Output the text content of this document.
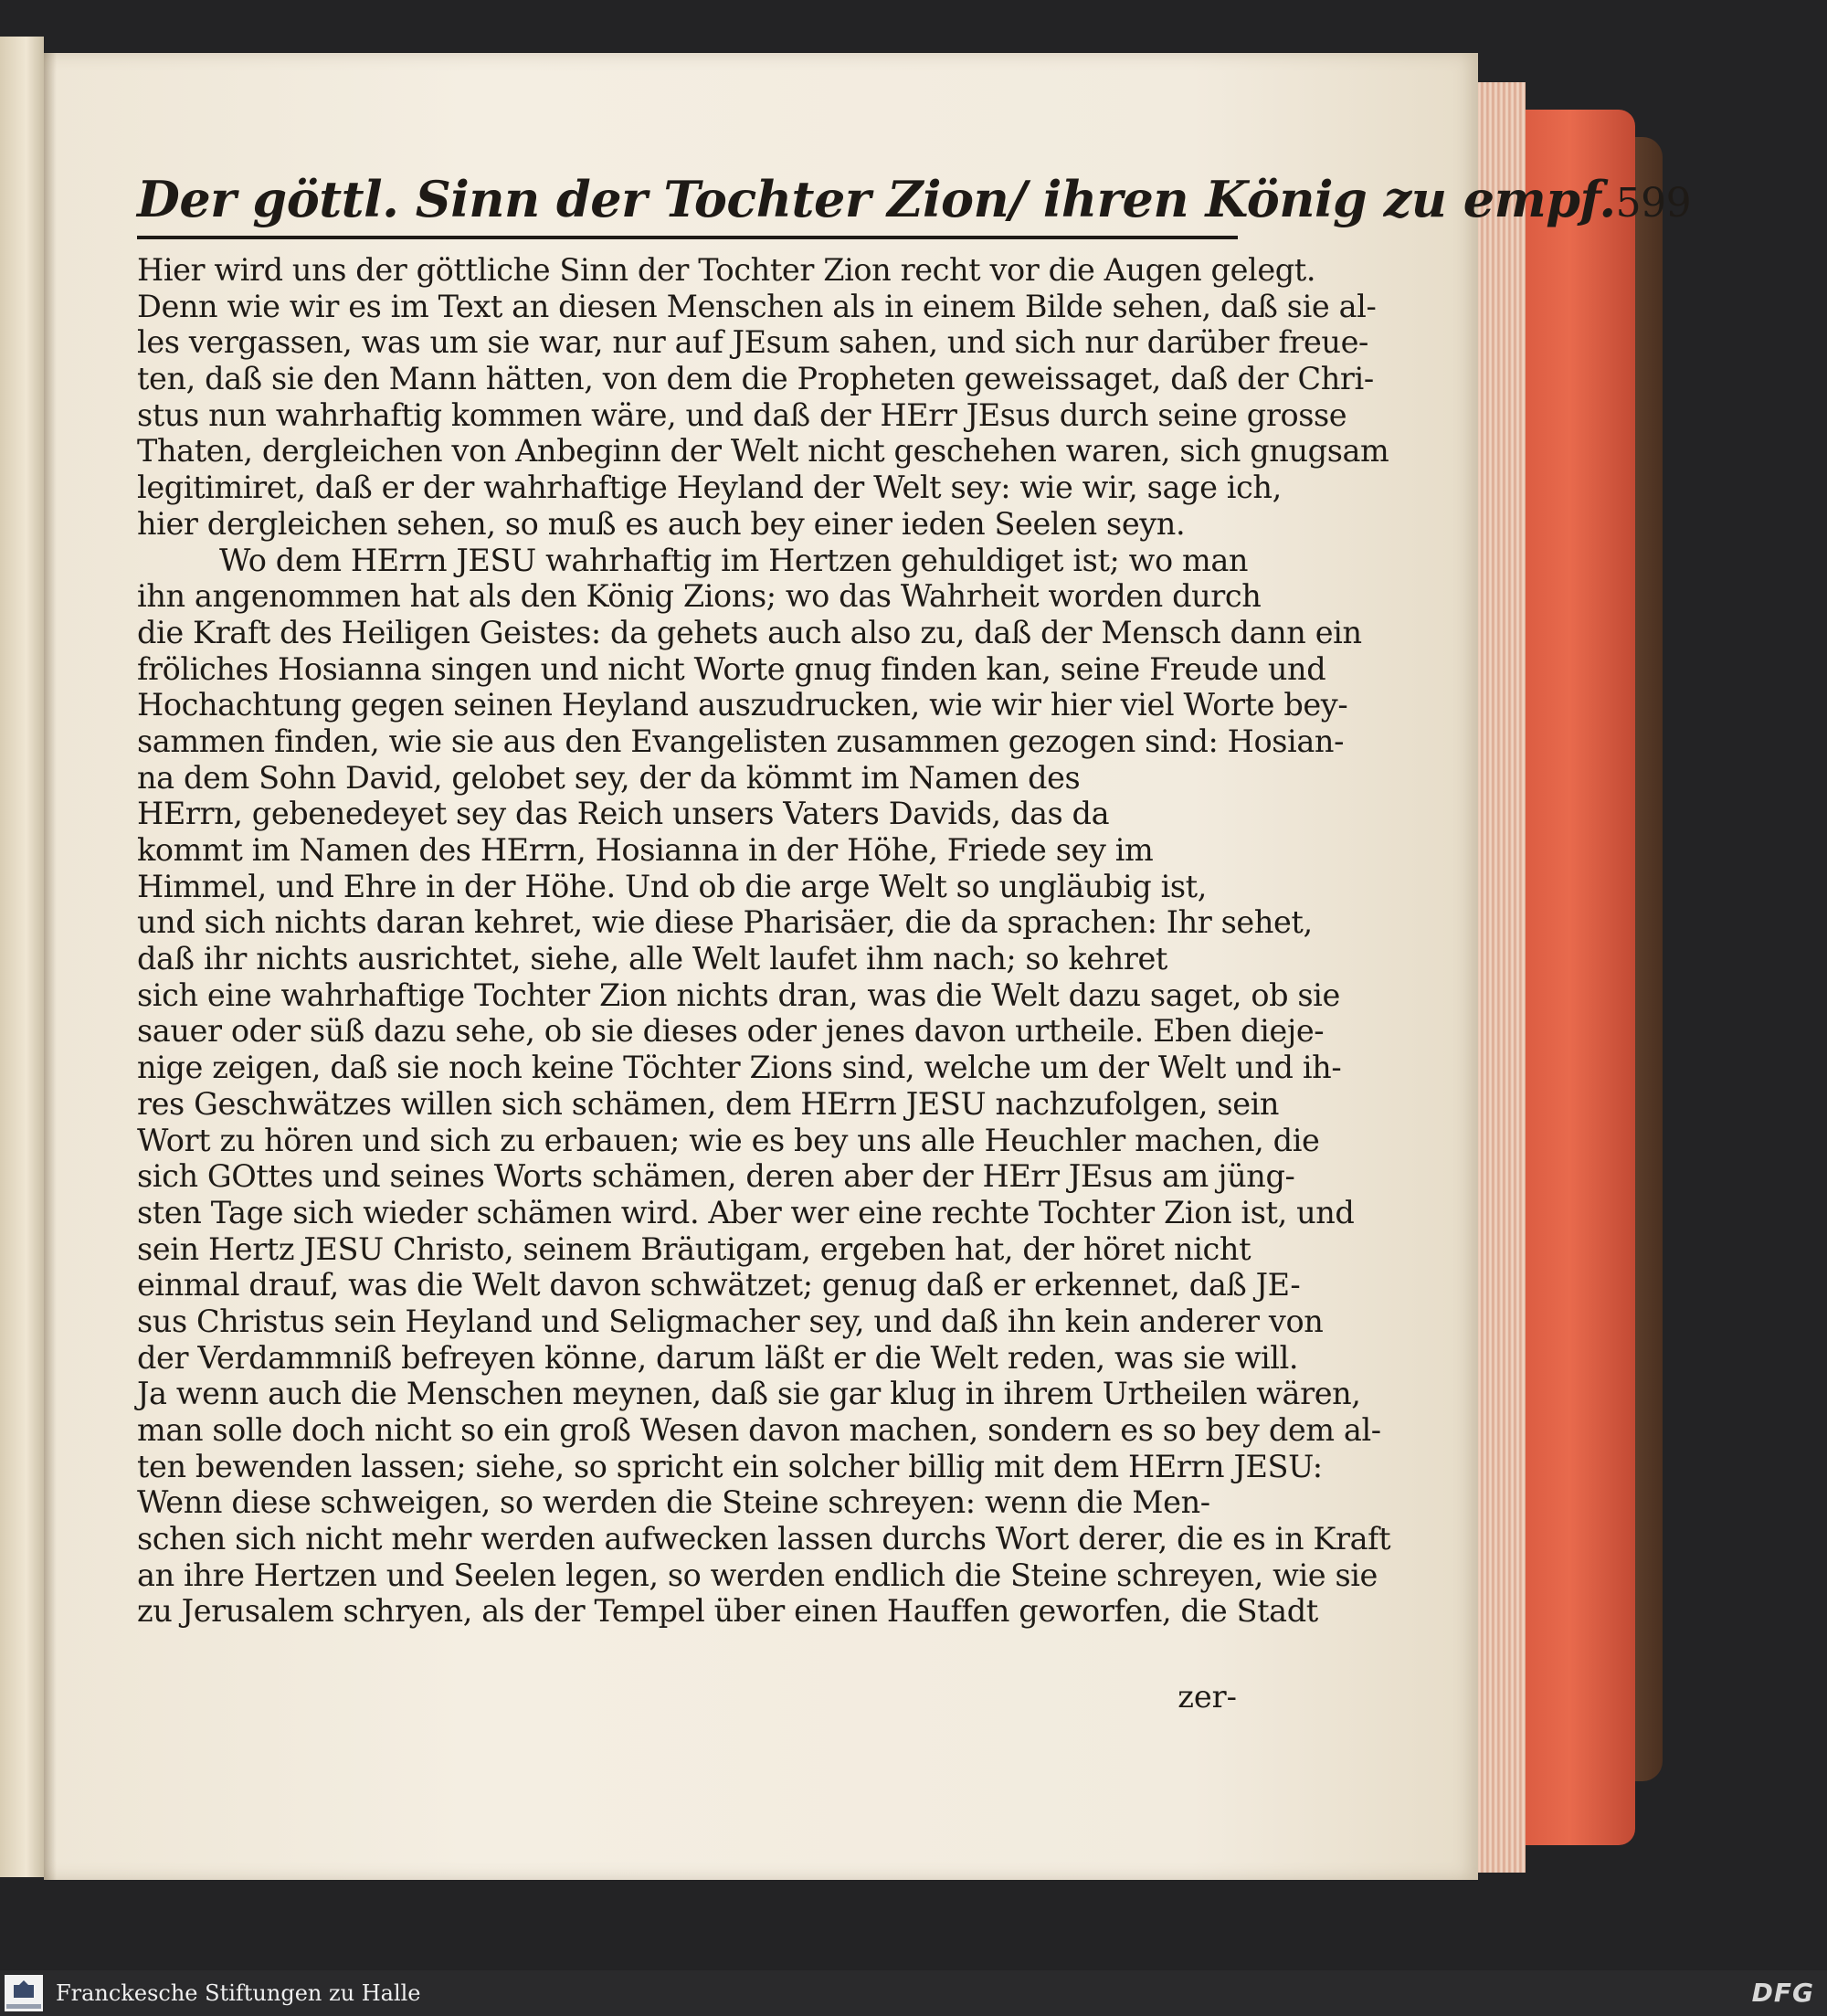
Der göttl. Sinn der Tochter Zion/ ihren König zu empf. 599
Hier wird uns der göttliche Sinn der Tochter Zion recht vor die Augen gelegt.
Denn wie wir es im Text an diesen Menschen als in einem Bilde sehen, daß sie al-
les vergassen, was um sie war, nur auf JEsum sahen, und sich nur darüber freue-
ten, daß sie den Mann hätten, von dem die Propheten geweissaget, daß der Chri-
stus nun wahrhaftig kommen wäre, und daß der HErr JEsus durch seine grosse
Thaten, dergleichen von Anbeginn der Welt nicht geschehen waren, sich gnugsam
legitimiret, daß er der wahrhaftige Heyland der Welt sey: wie wir, sage ich,
hier dergleichen sehen, so muß es auch bey einer ieden Seelen seyn.
Wo dem HErrn JESU wahrhaftig im Hertzen gehuldiget ist; wo man
ihn angenommen hat als den König Zions; wo das Wahrheit worden durch
die Kraft des Heiligen Geistes: da gehets auch also zu, daß der Mensch dann ein
fröliches Hosianna singen und nicht Worte gnug finden kan, seine Freude und
Hochachtung gegen seinen Heyland auszudrucken, wie wir hier viel Worte bey-
sammen finden, wie sie aus den Evangelisten zusammen gezogen sind: Hosian-
na dem Sohn David, gelobet sey, der da kömmt im Namen des
HErrn, gebenedeyet sey das Reich unsers Vaters Davids, das da
kommt im Namen des HErrn, Hosianna in der Höhe, Friede sey im
Himmel, und Ehre in der Höhe. Und ob die arge Welt so ungläubig ist,
und sich nichts daran kehret, wie diese Pharisäer, die da sprachen: Ihr sehet,
daß ihr nichts ausrichtet, siehe, alle Welt laufet ihm nach; so kehret
sich eine wahrhaftige Tochter Zion nichts dran, was die Welt dazu saget, ob sie
sauer oder süß dazu sehe, ob sie dieses oder jenes davon urtheile. Eben dieje-
nige zeigen, daß sie noch keine Töchter Zions sind, welche um der Welt und ih-
res Geschwätzes willen sich schämen, dem HErrn JESU nachzufolgen, sein
Wort zu hören und sich zu erbauen; wie es bey uns alle Heuchler machen, die
sich GOttes und seines Worts schämen, deren aber der HErr JEsus am jüng-
sten Tage sich wieder schämen wird. Aber wer eine rechte Tochter Zion ist, und
sein Hertz JESU Christo, seinem Bräutigam, ergeben hat, der höret nicht
einmal drauf, was die Welt davon schwätzet; genug daß er erkennet, daß JE-
sus Christus sein Heyland und Seligmacher sey, und daß ihn kein anderer von
der Verdammniß befreyen könne, darum läßt er die Welt reden, was sie will.
Ja wenn auch die Menschen meynen, daß sie gar klug in ihrem Urtheilen wären,
man solle doch nicht so ein groß Wesen davon machen, sondern es so bey dem al-
ten bewenden lassen; siehe, so spricht ein solcher billig mit dem HErrn JESU:
Wenn diese schweigen, so werden die Steine schreyen: wenn die Men-
schen sich nicht mehr werden aufwecken lassen durchs Wort derer, die es in Kraft
an ihre Hertzen und Seelen legen, so werden endlich die Steine schreyen, wie sie
zu Jerusalem schryen, als der Tempel über einen Hauffen geworfen, die Stadt
zer-
Franckesche Stiftungen zu Halle	DFG
